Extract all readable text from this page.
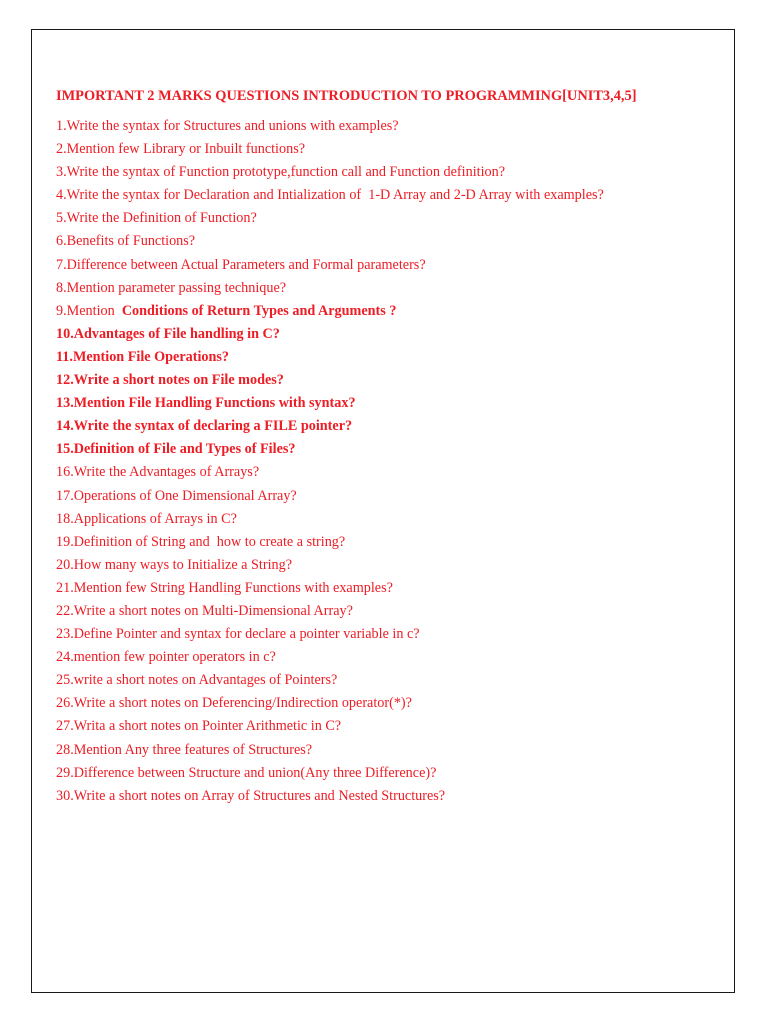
IMPORTANT 2 MARKS QUESTIONS INTRODUCTION TO PROGRAMMING[UNIT3,4,5]
1.Write the syntax for Structures and unions with examples?
2.Mention few Library or Inbuilt functions?
3.Write the syntax of Function prototype,function call and Function definition?
4.Write the syntax for Declaration and Intialization of  1-D Array and 2-D Array with examples?
5.Write the Definition of Function?
6.Benefits of Functions?
7.Difference between Actual Parameters and Formal parameters?
8.Mention parameter passing technique?
9.Mention  Conditions of Return Types and Arguments ?
10.Advantages of File handling in C?
11.Mention File Operations?
12.Write a short notes on File modes?
13.Mention File Handling Functions with syntax?
14.Write the syntax of declaring a FILE pointer?
15.Definition of File and Types of Files?
16.Write the Advantages of Arrays?
17.Operations of One Dimensional Array?
18.Applications of Arrays in C?
19.Definition of String and  how to create a string?
20.How many ways to Initialize a String?
21.Mention few String Handling Functions with examples?
22.Write a short notes on Multi-Dimensional Array?
23.Define Pointer and syntax for declare a pointer variable in c?
24.mention few pointer operators in c?
25.write a short notes on Advantages of Pointers?
26.Write a short notes on Deferencing/Indirection operator(*)?
27.Writa a short notes on Pointer Arithmetic in C?
28.Mention Any three features of Structures?
29.Difference between Structure and union(Any three Difference)?
30.Write a short notes on Array of Structures and Nested Structures?
